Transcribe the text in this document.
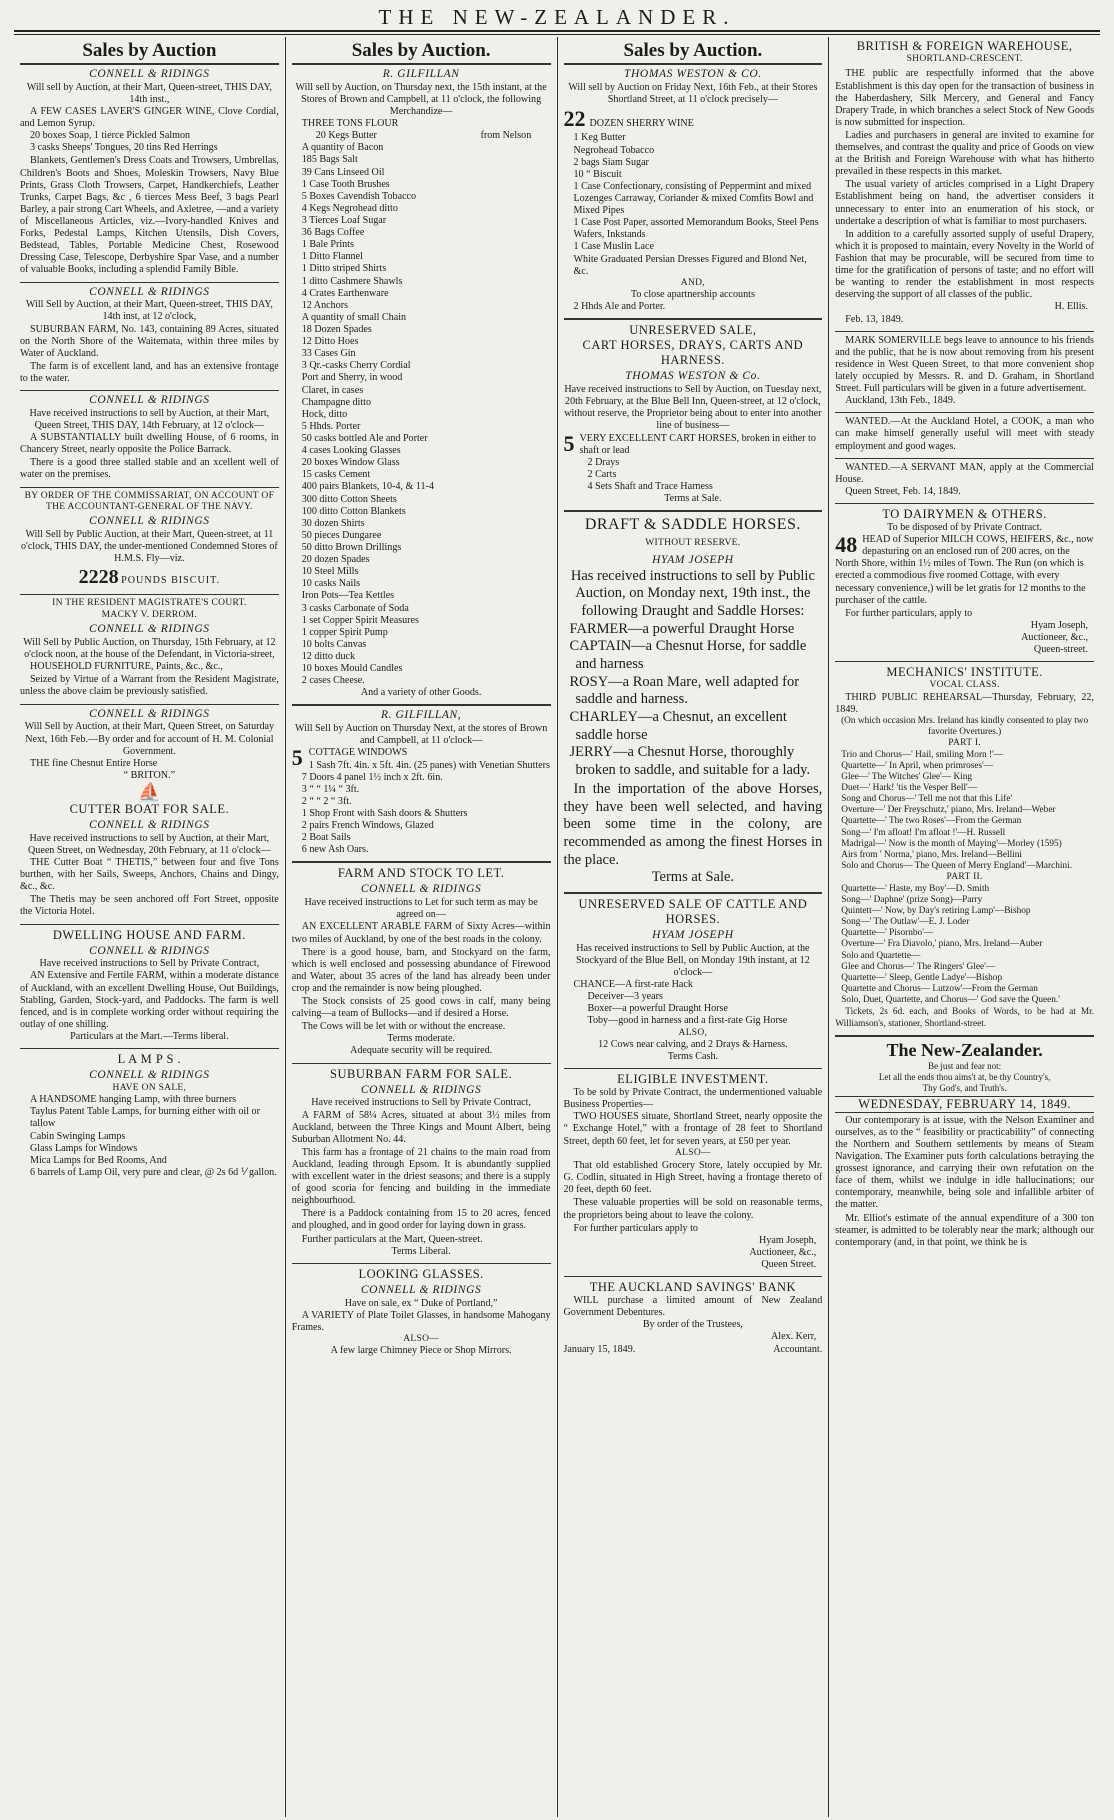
THE NEW-ZEALANDER.
Sales by Auction
CONNELL & RIDINGS
Will sell by Auction, at their Mart, Queen-street, THIS DAY, 14th inst.,
A FEW CASES LAVER'S GINGER WINE, Clove Cordial, and Lemon Syrup.
20 boxes Soap, 1 tierce Pickled Salmon
3 casks Sheeps' Tongues, 20 tins Red Herrings
Blankets, Gentlemen's Dress Coats and Trowsers, Umbrellas, Children's Boots and Shoes, Moleskin Trowsers, Navy Blue Prints, Grass Cloth Trowsers, Carpet, Handkerchiefs, Leather Trunks, Carpet Bags, &c , 6 tierces Mess Beef, 3 bags Pearl Barley, a pair strong Cart Wheels, and Axletree, —and a variety of Miscellaneous Articles, viz.—Ivory-handled Knives and Forks, Pedestal Lamps, Kitchen Utensils, Dish Covers, Bedstead, Tables, Portable Medicine Chest, Rosewood Dressing Case, Telescope, Derbyshire Spar Vase, and a number of valuable Books, including a splendid Family Bible.
CONNELL & RIDINGS
Will Sell by Auction, at their Mart, Queen-street, THIS DAY, 14th inst, at 12 o'clock,
SUBURBAN FARM, No. 143, containing 89 Acres, situated on the North Shore of the Waitemata, within three miles by Water of Auckland.
The farm is of excellent land, and has an extensive frontage to the water.
CONNELL & RIDINGS
Have received instructions to sell by Auction, at their Mart, Queen Street, THIS DAY, 14th February, at 12 o'clock—
A SUBSTANTIALLY built dwelling House, of 6 rooms, in Chancery Street, nearly opposite the Police Barrack.
There is a good three stalled stable and an xcellent well of water on the premises.
BY ORDER OF THE COMMISSARIAT, ON ACCOUNT OF THE ACCOUNTANT-GENERAL OF THE NAVY.
CONNELL & RIDINGS
Will Sell by Public Auction, at their Mart, Queen-street, at 11 o'clock, THIS DAY, the under-mentioned Condemned Stores of H.M.S. Fly—viz.
2228 POUNDS BISCUIT.
IN THE RESIDENT MAGISTRATE'S COURT.
MACKY V. DERROM.
CONNELL & RIDINGS
Will Sell by Public Auction, on Thursday, 15th February, at 12 o'clock noon, at the house of the Defendant, in Victoria-street,
HOUSEHOLD FURNITURE, Paints, &c., &c.,
Seized by Virtue of a Warrant from the Resident Magistrate, unless the above claim be previously satisfied.
CONNELL & RIDINGS
Will Sell by Auction, at their Mart, Queen Street, on Saturday Next, 16th Feb.—By order and for account of H. M. Colonial Government.
THE fine Chesnut Entire Horse
“ BRITON.”
⛵
CUTTER BOAT FOR SALE.
CONNELL & RIDINGS
Have received instructions to sell by Auction, at their Mart, Queen Street, on Wednesday, 20th February, at 11 o'clock—
THE Cutter Boat “ THETIS,” between four and five Tons burthen, with her Sails, Sweeps, Anchors, Chains and Dingy, &c., &c.
The Thetis may be seen anchored off Fort Street, opposite the Victoria Hotel.
DWELLING HOUSE AND FARM.
CONNELL & RIDINGS
Have received instructions to Sell by Private Contract,
AN Extensive and Fertile FARM, within a moderate distance of Auckland, with an excellent Dwelling House, Out Buildings, Stabling, Garden, Stock-yard, and Paddocks. The farm is well fenced, and is in complete working order without requiring the outlay of one shilling.
Particulars at the Mart.—Terms liberal.
L A M P S .
CONNELL & RIDINGS
HAVE ON SALE,
A HANDSOME hanging Lamp, with three burners
Taylus Patent Table Lamps, for burning either with oil or tallow
Cabin Swinging Lamps
Glass Lamps for Windows
Mica Lamps for Bed Rooms, And
6 barrels of Lamp Oil, very pure and clear, @ 2s 6d ⅟ gallon.
Sales by Auction.
R. GILFILLAN
Will sell by Auction, on Thursday next, the 15th instant, at the Stores of Brown and Campbell, at 11 o'clock, the following Merchandize—
THREE TONS FLOUR
20 Kegs Butter
A quantity of Bacon
from Nelson
185 Bags Salt
39 Cans Linseed Oil
1 Case Tooth Brushes
5 Boxes Cavendish Tobacco
4 Kegs Negrohead ditto
3 Tierces Loaf Sugar
36 Bags Coffee
1 Bale Prints
1 Ditto Flannel
1 Ditto striped Shirts
1 ditto Cashmere Shawls
4 Crates Earthenware
12 Anchors
A quantity of small Chain
18 Dozen Spades
12 Ditto Hoes
33 Cases Gin
3 Qr.-casks Cherry Cordial
Port and Sherry, in wood
Claret, in cases
Champagne ditto
Hock, ditto
5 Hhds. Porter
50 casks bottled Ale and Porter
4 cases Looking Glasses
20 boxes Window Glass
15 casks Cement
400 pairs Blankets, 10-4, & 11-4
300 ditto Cotton Sheets
100 ditto Cotton Blankets
30 dozen Shirts
50 pieces Dungaree
50 ditto Brown Drillings
20 dozen Spades
10 Steel Mills
10 casks Nails
Iron Pots—Tea Kettles
3 casks Carbonate of Soda
1 set Copper Spirit Measures
1 copper Spirit Pump
10 bolts Canvas
12 ditto duck
10 boxes Mould Candles
2 cases Cheese.
And a variety of other Goods.
R. GILFILLAN,
Will Sell by Auction on Thursday Next, at the stores of Brown and Campbell, at 11 o'clock—
5 COTTAGE WINDOWS
1 Sash 7ft. 4in. x 5ft. 4in. (25 panes) with Venetian Shutters
7 Doors 4 panel 1½ inch x 2ft. 6in.
3 “ “ 1¼ “ 3ft.
2 “ “ 2 “ 3ft.
1 Shop Front with Sash doors & Shutters
2 pairs French Windows, Glazed
2 Boat Sails
6 new Ash Oars.
FARM AND STOCK TO LET.
CONNELL & RIDINGS
Have received instructions to Let for such term as may be agreed on—
AN EXCELLENT ARABLE FARM of Sixty Acres—within two miles of Auckland, by one of the best roads in the colony.
There is a good house, barn, and Stockyard on the farm, which is well enclosed and possessing abundance of Firewood and Water, about 35 acres of the land has already been under crop and the remainder is now being ploughed.
The Stock consists of 25 good cows in calf, many being calving—a team of Bullocks—and if desired a Horse.
The Cows will be let with or without the encrease.
Terms moderate.
Adequate security will be required.
SUBURBAN FARM FOR SALE.
CONNELL & RIDINGS
Have received instructions to Sell by Private Contract,
A FARM of 58¼ Acres, situated at about 3½ miles from Auckland, between the Three Kings and Mount Albert, being Suburban Allotment No. 44.
This farm has a frontage of 21 chains to the main road from Auckland, leading through Epsom. It is abundantly supplied with excellent water in the driest seasons; and there is a supply of good scoria for fencing and building in the immediate neighbourhood.
There is a Paddock containing from 15 to 20 acres, fenced and ploughed, and in good order for laying down in grass.
Further particulars at the Mart, Queen-street.
Terms Liberal.
LOOKING GLASSES.
CONNELL & RIDINGS
Have on sale, ex “ Duke of Portland,”
A VARIETY of Plate Toilet Glasses, in handsome Mahogany Frames.
ALSO—
A few large Chimney Piece or Shop Mirrors.
Sales by Auction.
THOMAS WESTON & CO.
Will sell by Auction on Friday Next, 16th Feb., at their Stores Shortland Street, at 11 o'clock precisely—
22 DOZEN SHERRY WINE
1 Keg Butter
Negrohead Tobacco
2 bags Siam Sugar
10 “ Biscuit
1 Case Confectionary, consisting of Peppermint and mixed Lozenges Carraway, Coriander & mixed Comfits Bowl and Mixed Pipes
1 Case Post Paper, assorted Memorandum Books, Steel Pens Wafers, Inkstands
1 Case Muslin Lace
White Graduated Persian Dresses Figured and Blond Net, &c.
AND,
To close apartnership accounts
2 Hhds Ale and Porter.
UNRESERVED SALE,
CART HORSES, DRAYS, CARTS AND HARNESS.
THOMAS WESTON & Co.
Have received instructions to Sell by Auction, on Tuesday next, 20th February, at the Blue Bell Inn, Queen-street, at 12 o'clock, without reserve, the Proprietor being about to enter into another line of business—
5 VERY EXCELLENT CART HORSES, broken in either to shaft or lead
2 Drays
2 Carts
4 Sets Shaft and Trace Harness
Terms at Sale.
DRAFT & SADDLE HORSES.
WITHOUT RESERVE.
HYAM JOSEPH
Has received instructions to sell by Public Auction, on Monday next, 19th inst., the following Draught and Saddle Horses:
FARMER—a powerful Draught Horse
CAPTAIN—a Chesnut Horse, for saddle and harness
ROSY—a Roan Mare, well adapted for saddle and harness.
CHARLEY—a Chesnut, an excellent saddle horse
JERRY—a Chesnut Horse, thoroughly broken to saddle, and suitable for a lady.
In the importation of the above Horses, they have been well selected, and having been some time in the colony, are recommended as among the finest Horses in the place.
Terms at Sale.
UNRESERVED SALE OF CATTLE AND HORSES.
HYAM JOSEPH
Has received instructions to Sell by Public Auction, at the Stockyard of the Blue Bell, on Monday 19th instant, at 12 o'clock—
CHANCE—A first-rate Hack
Deceiver—3 years
Boxer—a powerful Draught Horse
Toby—good in harness and a first-rate Gig Horse
ALSO,
12 Cows near calving, and 2 Drays & Harness.
Terms Cash.
ELIGIBLE INVESTMENT.
To be sold by Private Contract, the undermentioned valuable Business Properties—
TWO HOUSES situate, Shortland Street, nearly opposite the “ Exchange Hotel,” with a frontage of 28 feet to Shortland Street, depth 60 feet, let for seven years, at £50 per year.
ALSO—
That old established Grocery Store, lately occupied by Mr. G. Codlin, situated in High Street, having a frontage thereto of 20 feet, depth 60 feet.
These valuable properties will be sold on reasonable terms, the proprietors being about to leave the colony.
For further particulars apply to
Hyam Joseph,
Auctioneer, &c.,
Queen Street.
THE AUCKLAND SAVINGS' BANK
WILL purchase a limited amount of New Zealand Government Debentures.
By order of the Trustees,
Alex. Kerr,
January 15, 1849.	Accountant.
BRITISH & FOREIGN WAREHOUSE,
SHORTLAND-CRESCENT.
THE public are respectfully informed that the above Establishment is this day open for the transaction of business in the Haberdashery, Silk Mercery, and General and Fancy Drapery Trade, in which branches a select Stock of New Goods is now submitted for inspection.
Ladies and purchasers in general are invited to examine for themselves, and contrast the quality and price of Goods on view at the British and Foreign Warehouse with what has hitherto prevailed in these respects in this market.
The usual variety of articles comprised in a Light Drapery Establishment being on hand, the advertiser considers it unnecessary to enter into an enumeration of his stock, or undertake a description of what is familiar to most purchasers.
In addition to a carefully assorted supply of useful Drapery, which it is proposed to maintain, every Novelty in the World of Fashion that may be procurable, will be secured from time to time for the gratification of persons of taste; and no effort will be wanting to render the establishment in most respects deserving the support of all classes of the public.
H. Ellis.
Feb. 13, 1849.
MARK SOMERVILLE begs leave to announce to his friends and the public, that he is now about removing from his present residence in West Queen Street, to that more convenient shop lately occupied by Messrs. R. and D. Graham, in Shortland Street. Full particulars will be given in a future advertisement.
Auckland, 13th Feb., 1849.
WANTED.—At the Auckland Hotel, a COOK, a man who can make himself generally useful will meet with steady employment and good wages.
WANTED.—A SERVANT MAN, apply at the Commercial House.
Queen Street, Feb. 14, 1849.
TO DAIRYMEN & OTHERS.
To be disposed of by Private Contract.
48 HEAD of Superior MILCH COWS, HEIFERS, &c., now depasturing on an enclosed run of 200 acres, on the North Shore, within 1½ miles of Town. The Run (on which is erected a commodious five roomed Cottage, with every necessary convenience,) will be let gratis for 12 months to the purchaser of the cattle.
For further particulars, apply to
Hyam Joseph,
Auctioneer, &c.,
Queen-street.
MECHANICS' INSTITUTE.
VOCAL CLASS.
THIRD PUBLIC REHEARSAL—Thursday, February, 22, 1849.
(On which occasion Mrs. Ireland has kindly consented to play two favorite Overtures.)
PART I.
Trio and Chorus—' Hail, smiling Morn !'—
Quartette—' In April, when primroses'—
Glee—' The Witches' Glee'— King
Duet—' Hark! 'tis the Vesper Bell'—
Song and Chorus—' Tell me not that this Life'
Overture—' Der Freyschutz,' piano, Mrs. Ireland—Weber
Quartette—' The two Roses'—From the German
Song—' I'm afloat! I'm afloat !'—H. Russell
Madrigal—' Now is the month of Maying'—Morley (1595)
Airs from ' Norma,' piano, Mrs. Ireland—Bellini
Solo and Chorus— The Queen of Merry England'—Marchini.
PART II.
Quartette—' Haste, my Boy'—D. Smith
Song—' Daphne' (prize Song)—Parry
Quintett—' Now, by Day's retiring Lamp'—Bishop
Song—' The Outlaw'—E. J. Loder
Quartette—' Pisornbo'—
Overture—' Fra Diavolo,' piano, Mrs. Ireland—Auber
Solo and Quartette—
Glee and Chorus—' The Ringers' Glee'—
Quartette—' Sleep, Gentle Ladye'—Bishop
Quartette and Chorus— Lutzow'—From the German
Solo, Duet, Quartette, and Chorus—' God save the Queen.'
Tickets, 2s 6d. each, and Books of Words, to be had at Mr. Williamson's, stationer, Shortland-street.
The New-Zealander.
Be just and fear not:
Let all the ends thou aims't at, be thy Country's,
Thy God's, and Truth's.
WEDNESDAY, FEBRUARY 14, 1849.
Our contemporary is at issue, with the Nelson Examiner and ourselves, as to the “ feasibility or practicability” of connecting the Northern and Southern settlements by means of Steam Navigation. The Examiner puts forth calculations betraying the grossest ignorance, and carrying their own refutation on the face of them, whilst we indulge in idle hallucinations; our contemporary, meanwhile, being sole and infallible arbiter of the matter.
Mr. Elliot's estimate of the annual expenditure of a 300 ton steamer, is admitted to be tolerably near the mark; although our contemporary (and, in that point, we think he is
